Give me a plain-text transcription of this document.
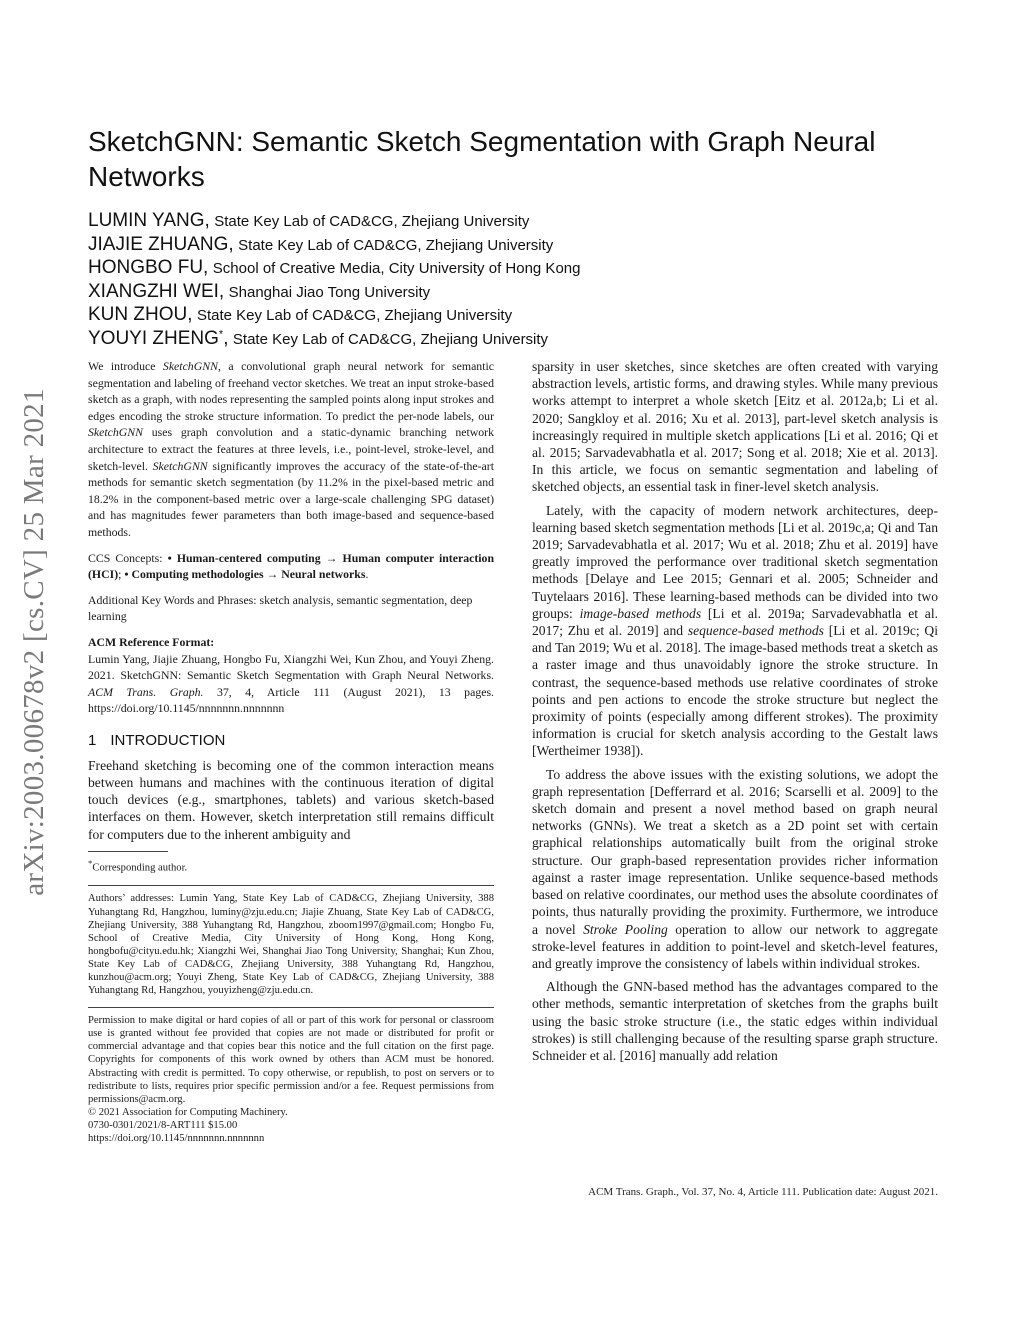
arXiv:2003.00678v2 [cs.CV] 25 Mar 2021
SketchGNN: Semantic Sketch Segmentation with Graph Neural Networks
LUMIN YANG, State Key Lab of CAD&CG, Zhejiang University
JIAJIE ZHUANG, State Key Lab of CAD&CG, Zhejiang University
HONGBO FU, School of Creative Media, City University of Hong Kong
XIANGZHI WEI, Shanghai Jiao Tong University
KUN ZHOU, State Key Lab of CAD&CG, Zhejiang University
YOUYI ZHENG*, State Key Lab of CAD&CG, Zhejiang University

We introduce SketchGNN, a convolutional graph neural network for semantic segmentation and labeling of freehand vector sketches. We treat an input stroke-based sketch as a graph, with nodes representing the sampled points along input strokes and edges encoding the stroke structure information. To predict the per-node labels, our SketchGNN uses graph convolution and a static-dynamic branching network architecture to extract the features at three levels, i.e., point-level, stroke-level, and sketch-level. SketchGNN significantly improves the accuracy of the state-of-the-art methods for semantic sketch segmentation (by 11.2% in the pixel-based metric and 18.2% in the component-based metric over a large-scale challenging SPG dataset) and has magnitudes fewer parameters than both image-based and sequence-based methods.

CCS Concepts: • Human-centered computing → Human computer interaction (HCI); • Computing methodologies → Neural networks.

Additional Key Words and Phrases: sketch analysis, semantic segmentation, deep learning

ACM Reference Format:

Lumin Yang, Jiajie Zhuang, Hongbo Fu, Xiangzhi Wei, Kun Zhou, and Youyi Zheng. 2021. SketchGNN: Semantic Sketch Segmentation with Graph Neural Networks. ACM Trans. Graph. 37, 4, Article 111 (August 2021), 13 pages. https://doi.org/10.1145/nnnnnnn.nnnnnnn

1 INTRODUCTION

Freehand sketching is becoming one of the common interaction means between humans and machines with the continuous iteration of digital touch devices (e.g., smartphones, tablets) and various sketch-based interfaces on them. However, sketch interpretation still remains difficult for computers due to the inherent ambiguity and

*Corresponding author.

Authors’ addresses: Lumin Yang, State Key Lab of CAD&CG, Zhejiang University, 388 Yuhangtang Rd, Hangzhou, luminy@zju.edu.cn; Jiajie Zhuang, State Key Lab of CAD&CG, Zhejiang University, 388 Yuhangtang Rd, Hangzhou, zboom1997@gmail.com; Hongbo Fu, School of Creative Media, City University of Hong Kong, Hong Kong, hongbofu@cityu.edu.hk; Xiangzhi Wei, Shanghai Jiao Tong University, Shanghai; Kun Zhou, State Key Lab of CAD&CG, Zhejiang University, 388 Yuhangtang Rd, Hangzhou, kunzhou@acm.org; Youyi Zheng, State Key Lab of CAD&CG, Zhejiang University, 388 Yuhangtang Rd, Hangzhou, youyizheng@zju.edu.cn.

Permission to make digital or hard copies of all or part of this work for personal or classroom use is granted without fee provided that copies are not made or distributed for profit or commercial advantage and that copies bear this notice and the full citation on the first page. Copyrights for components of this work owned by others than ACM must be honored. Abstracting with credit is permitted. To copy otherwise, or republish, to post on servers or to redistribute to lists, requires prior specific permission and/or a fee. Request permissions from permissions@acm.org.

© 2021 Association for Computing Machinery.

0730-0301/2021/8-ART111 $15.00

https://doi.org/10.1145/nnnnnnn.nnnnnnn

sparsity in user sketches, since sketches are often created with varying abstraction levels, artistic forms, and drawing styles. While many previous works attempt to interpret a whole sketch [Eitz et al. 2012a,b; Li et al. 2020; Sangkloy et al. 2016; Xu et al. 2013], part-level sketch analysis is increasingly required in multiple sketch applications [Li et al. 2016; Qi et al. 2015; Sarvadevabhatla et al. 2017; Song et al. 2018; Xie et al. 2013]. In this article, we focus on semantic segmentation and labeling of sketched objects, an essential task in finer-level sketch analysis.

Lately, with the capacity of modern network architectures, deep-learning based sketch segmentation methods [Li et al. 2019c,a; Qi and Tan 2019; Sarvadevabhatla et al. 2017; Wu et al. 2018; Zhu et al. 2019] have greatly improved the performance over traditional sketch segmentation methods [Delaye and Lee 2015; Gennari et al. 2005; Schneider and Tuytelaars 2016]. These learning-based methods can be divided into two groups: image-based methods [Li et al. 2019a; Sarvadevabhatla et al. 2017; Zhu et al. 2019] and sequence-based methods [Li et al. 2019c; Qi and Tan 2019; Wu et al. 2018]. The image-based methods treat a sketch as a raster image and thus unavoidably ignore the stroke structure. In contrast, the sequence-based methods use relative coordinates of stroke points and pen actions to encode the stroke structure but neglect the proximity of points (especially among different strokes). The proximity information is crucial for sketch analysis according to the Gestalt laws [Wertheimer 1938]).

To address the above issues with the existing solutions, we adopt the graph representation [Defferrard et al. 2016; Scarselli et al. 2009] to the sketch domain and present a novel method based on graph neural networks (GNNs). We treat a sketch as a 2D point set with certain graphical relationships automatically built from the original stroke structure. Our graph-based representation provides richer information against a raster image representation. Unlike sequence-based methods based on relative coordinates, our method uses the absolute coordinates of points, thus naturally providing the proximity. Furthermore, we introduce a novel Stroke Pooling operation to allow our network to aggregate stroke-level features in addition to point-level and sketch-level features, and greatly improve the consistency of labels within individual strokes.

Although the GNN-based method has the advantages compared to the other methods, semantic interpretation of sketches from the graphs built using the basic stroke structure (i.e., the static edges within individual strokes) is still challenging because of the resulting sparse graph structure. Schneider et al. [2016] manually add relation

ACM Trans. Graph., Vol. 37, No. 4, Article 111. Publication date: August 2021.
